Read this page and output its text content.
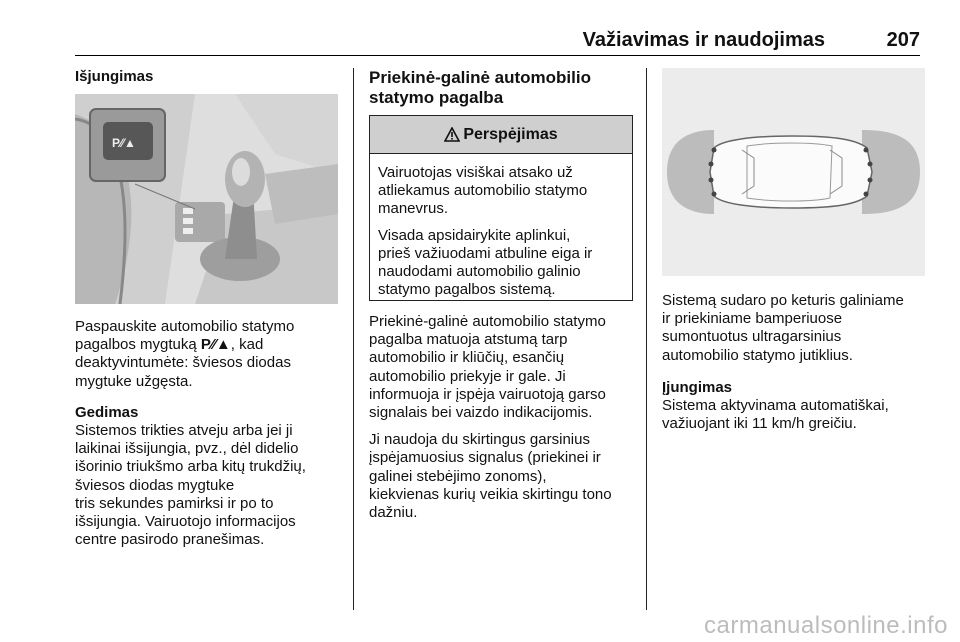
Važiavimas ir naudojimas	207

Išjungimas

P⁄⁄▲

Paspauskite automobilio statymo
pagalbos mygtuką P⁄⁄▲, kad
deaktyvintumėte: šviesos diodas
mygtuke užgęsta.

Gedimas

Sistemos trikties atveju arba jei ji
laikinai išsijungia, pvz., dėl didelio
išorinio triukšmo arba kitų trukdžių,
šviesos diodas mygtuke
tris sekundes pamirksi ir po to
išsijungia. Vairuotojo informacijos
centre pasirodo pranešimas.

Priekinė-galinė automobilio
statymo pagalba

Perspėjimas

Vairuotojas visiškai atsako už
atliekamus automobilio statymo
manevrus.

Visada apsidairykite aplinkui,
prieš važiuodami atbuline eiga ir
naudodami automobilio galinio
statymo pagalbos sistemą.

Priekinė-galinė automobilio statymo
pagalba matuoja atstumą tarp
automobilio ir kliūčių, esančių
automobilio priekyje ir gale. Ji
informuoja ir įspėja vairuotoją garso
signalais bei vaizdo indikacijomis.

Ji naudoja du skirtingus garsinius
įspėjamuosius signalus (priekinei ir
galinei stebėjimo zonoms),
kiekvienas kurių veikia skirtingu tono
dažniu.

Sistemą sudaro po keturis galiniame
ir priekiniame bamperiuose
sumontuotus ultragarsinius
automobilio statymo jutiklius.

Įjungimas

Sistema aktyvinama automatiškai,
važiuojant iki 11 km/h greičiu.

carmanualsonline.info
